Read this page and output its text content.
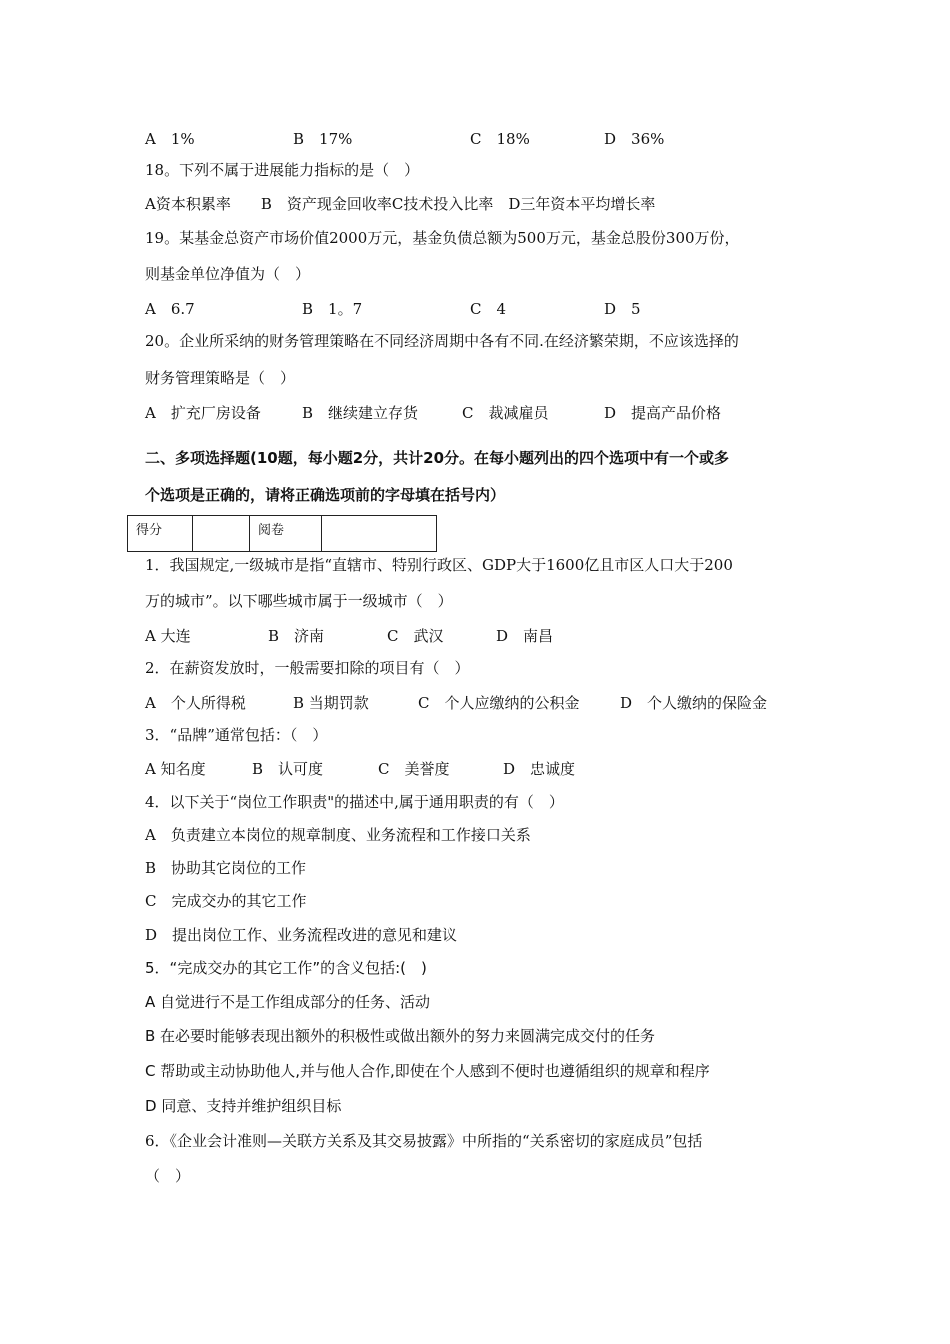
A　1%	B　17%	C　18%	D　36%
18。下列不属于进展能力指标的是（　）
A资本积累率　　B　资产现金回收率C技术投入比率　D三年资本平均增长率
19。某基金总资产市场价值2000万元，基金负债总额为500万元，基金总股份300万份，
则基金单位净值为（　）
A　6.7	B　1。7	C　4	D　5
20。企业所采纳的财务管理策略在不同经济周期中各有不同.在经济繁荣期，不应该选择的
财务管理策略是（　）
A　扩充厂房设备	B　继续建立存货	C　裁减雇员	D　提高产品价格
二、多项选择题(10题，每小题2分，共计20分。在每小题列出的四个选项中有一个或多
个选项是正确的，请将正确选项前的字母填在括号内）
得分		阅卷	
1．我国规定,一级城市是指“直辖市、特别行政区、GDP大于1600亿且市区人口大于200
万的城市”。以下哪些城市属于一级城市（　）
A 大连	B　济南	C　武汉	D　南昌
2．在薪资发放时，一般需要扣除的项目有（　）
A　个人所得税	B 当期罚款	C　个人应缴纳的公积金	D　个人缴纳的保险金
3．“品牌”通常包括：（　）
A 知名度	B　认可度	C　美誉度	D　忠诚度
4．以下关于“岗位工作职责"的描述中,属于通用职责的有（　）
A　负责建立本岗位的规章制度、业务流程和工作接口关系
B　协助其它岗位的工作
C　完成交办的其它工作
D　提出岗位工作、业务流程改进的意见和建议
5．“完成交办的其它工作”的含义包括:(　)
A 自觉进行不是工作组成部分的任务、活动
B 在必要时能够表现出额外的积极性或做出额外的努力来圆满完成交付的任务
C 帮助或主动协助他人,并与他人合作,即使在个人感到不便时也遵循组织的规章和程序
D 同意、支持并维护组织目标
6．《企业会计准则—关联方关系及其交易披露》中所指的“关系密切的家庭成员”包括
（　）
